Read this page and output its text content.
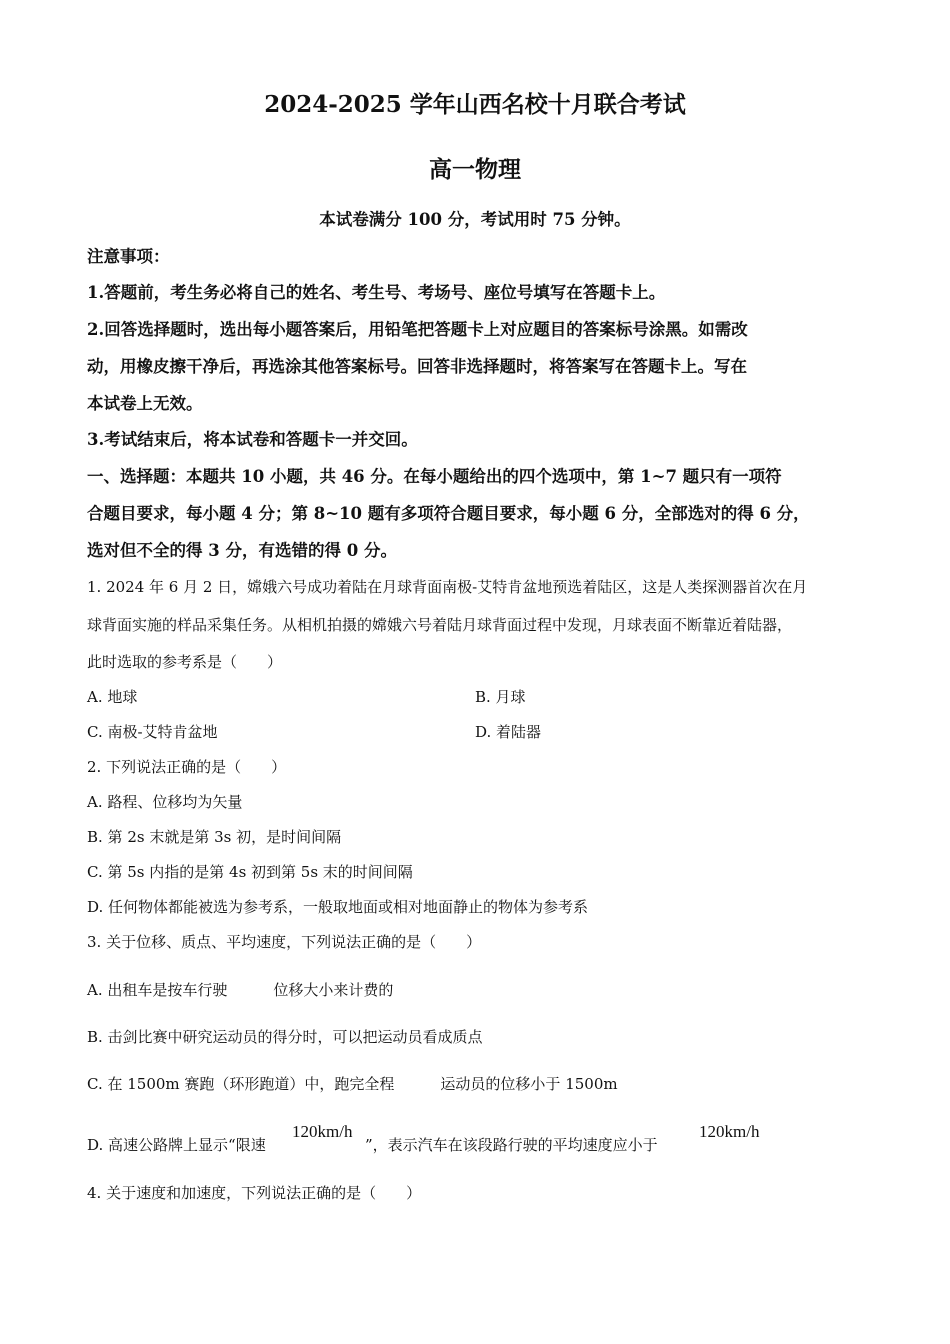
2024-2025 学年山西名校十月联合考试
高一物理
本试卷满分 100 分，考试用时 75 分钟。
注意事项：
1.答题前，考生务必将自己的姓名、考生号、考场号、座位号填写在答题卡上。
2.回答选择题时，选出每小题答案后，用铅笔把答题卡上对应题目的答案标号涂黑。如需改
动，用橡皮擦干净后，再选涂其他答案标号。回答非选择题时，将答案写在答题卡上。写在
本试卷上无效。
3.考试结束后，将本试卷和答题卡一并交回。
一、选择题：本题共 10 小题，共 46 分。在每小题给出的四个选项中，第 1~7 题只有一项符
合题目要求，每小题 4 分；第 8~10 题有多项符合题目要求，每小题 6 分，全部选对的得 6 分，
选对但不全的得 3 分，有选错的得 0 分。
1. 2024 年 6 月 2 日，嫦娥六号成功着陆在月球背面南极-艾特肯盆地预选着陆区，这是人类探测器首次在月
球背面实施的样品采集任务。从相机拍摄的嫦娥六号着陆月球背面过程中发现，月球表面不断靠近着陆器，
此时选取的参考系是（　　）
A. 地球	B. 月球
C. 南极-艾特肯盆地	D. 着陆器
2. 下列说法正确的是（　　）
A. 路程、位移均为矢量
B. 第 2s 末就是第 3s 初，是时间间隔
C. 第 5s 内指的是第 4s 初到第 5s 末的时间间隔
D. 任何物体都能被选为参考系，一般取地面或相对地面静止的物体为参考系
3. 关于位移、质点、平均速度，下列说法正确的是（　　）
A. 出租车是按车行驶	位移大小来计费的
B. 击剑比赛中研究运动员的得分时，可以把运动员看成质点
C. 在 1500m 赛跑（环形跑道）中，跑完全程	运动员的位移小于 1500m
D. 高速公路牌上显示“限速
120km/h
”，表示汽车在该段路行驶的平均速度应小于
120km/h
4. 关于速度和加速度，下列说法正确的是（　　）
